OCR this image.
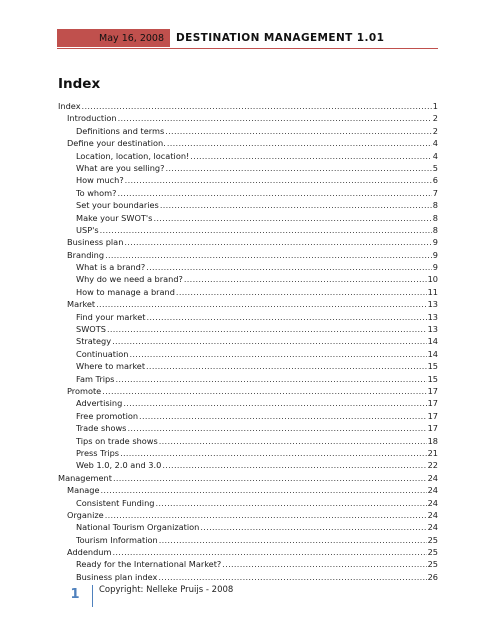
May 16, 2008	DESTINATION MANAGEMENT 1.01
Index
Index .....	1
Introduction .....	2
Definitions and terms .....	2
Define your destination. .....	4
Location, location, location! .....	4
What are you selling? .....	5
How much? .....	6
To whom? .....	7
Set your boundaries .....	8
Make your SWOT's .....	8
USP's .....	8
Business plan .....	9
Branding .....	9
What is a brand? .....	9
Why do we need a brand? .....	10
How to manage a brand .....	11
Market .....	13
Find your market .....	13
SWOTS .....	13
Strategy .....	14
Continuation .....	14
Where to market .....	15
Fam Trips .....	15
Promote .....	17
Advertising .....	17
Free promotion .....	17
Trade shows .....	17
Tips on trade shows .....	18
Press Trips .....	21
Web 1.0, 2.0 and 3.0 .....	22
Management .....	24
Manage .....	24
Consistent Funding .....	24
Organize .....	24
National Tourism Organization .....	24
Tourism Information .....	25
Addendum .....	25
Ready for the International Market? .....	25
Business plan index .....	26
1	Copyright: Nelleke Pruijs - 2008
